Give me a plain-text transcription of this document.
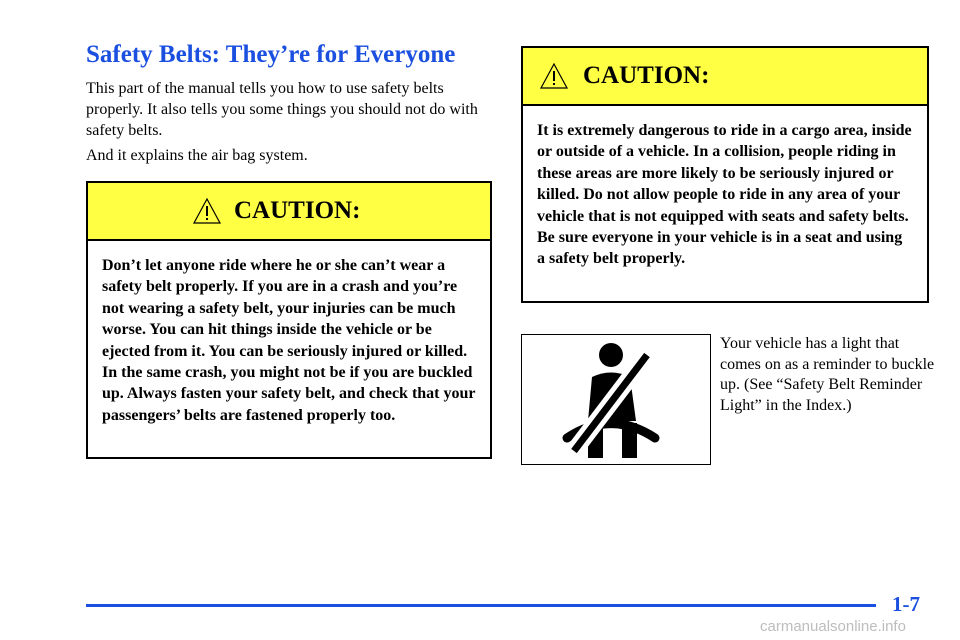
Safety Belts: They’re for Everyone

This part of the manual tells you how to use safety belts properly. It also tells you some things you should not do with safety belts.

And it explains the air bag system.

CAUTION:
Don’t let anyone ride where he or she can’t wear a safety belt properly. If you are in a crash and you’re not wearing a safety belt, your injuries can be much worse. You can hit things inside the vehicle or be ejected from it. You can be seriously injured or killed. In the same crash, you might not be if you are buckled up. Always fasten your safety belt, and check that your passengers’ belts are fastened properly too.
CAUTION:
It is extremely dangerous to ride in a cargo area, inside or outside of a vehicle. In a collision, people riding in these areas are more likely to be seriously injured or killed. Do not allow people to ride in any area of your vehicle that is not equipped with seats and safety belts. Be sure everyone in your vehicle is in a seat and using a safety belt properly.

Your vehicle has a light that comes on as a reminder to buckle up. (See “Safety Belt Reminder Light” in the Index.)

1-7
carmanualsonline.info
